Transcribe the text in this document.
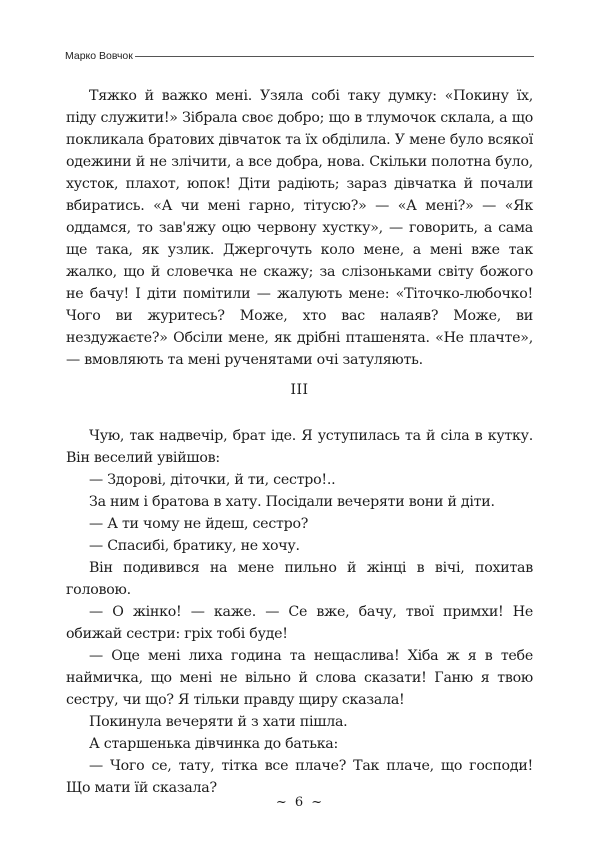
Марко Вовчок

Тяжко й важко мені. Узяла собі таку думку: «Покину їх, піду служити!» Зібрала своє добро; що в тлумочок склала, а що покликала братових дівчаток та їх обділила. У мене було всякої одежини й не злічити, а все добра, нова. Скільки полотна було, хусток, плахот, юпок! Діти радіють; зараз дівчатка й почали вбиратись. «А чи мені гарно, тітусю?» — «А мені?» — «Як оддамся, то зав'яжу оцю червону хустку», — говорить, а сама ще така, як узлик. Джергочуть коло мене, а мені вже так жалко, що й словечка не скажу; за слізоньками світу божого не бачу! І діти помітили — жалують мене: «Тіточко-любочко! Чого ви журитесь? Може, хто вас налаяв? Може, ви нездужаєте?» Обсіли мене, як дрібні пташенята. «Не плачте», — вмовляють та мені рученятами очі затуляють.

III

Чую, так надвечір, брат іде. Я уступилась та й сіла в кутку. Він веселий увійшов:

— Здорові, діточки, й ти, сестро!..

За ним і братова в хату. Посідали вечеряти вони й діти.

— А ти чому не йдеш, сестро?

— Спасибі, братику, не хочу.

Він подивився на мене пильно й жінці в вічі, похитав головою.

— О жінко! — каже. — Се вже, бачу, твої примхи! Не обижай сестри: гріх тобі буде!

— Оце мені лиха година та нещаслива! Хіба ж я в тебе наймичка, що мені не вільно й слова сказати! Ганю я твою сестру, чи що? Я тільки правду щиру сказала!

Покинула вечеряти й з хати пішла.

А старшенька дівчинка до батька:

— Чого се, тату, тітка все плаче? Так плаче, що господи! Що мати їй сказала?

~ 6 ~
